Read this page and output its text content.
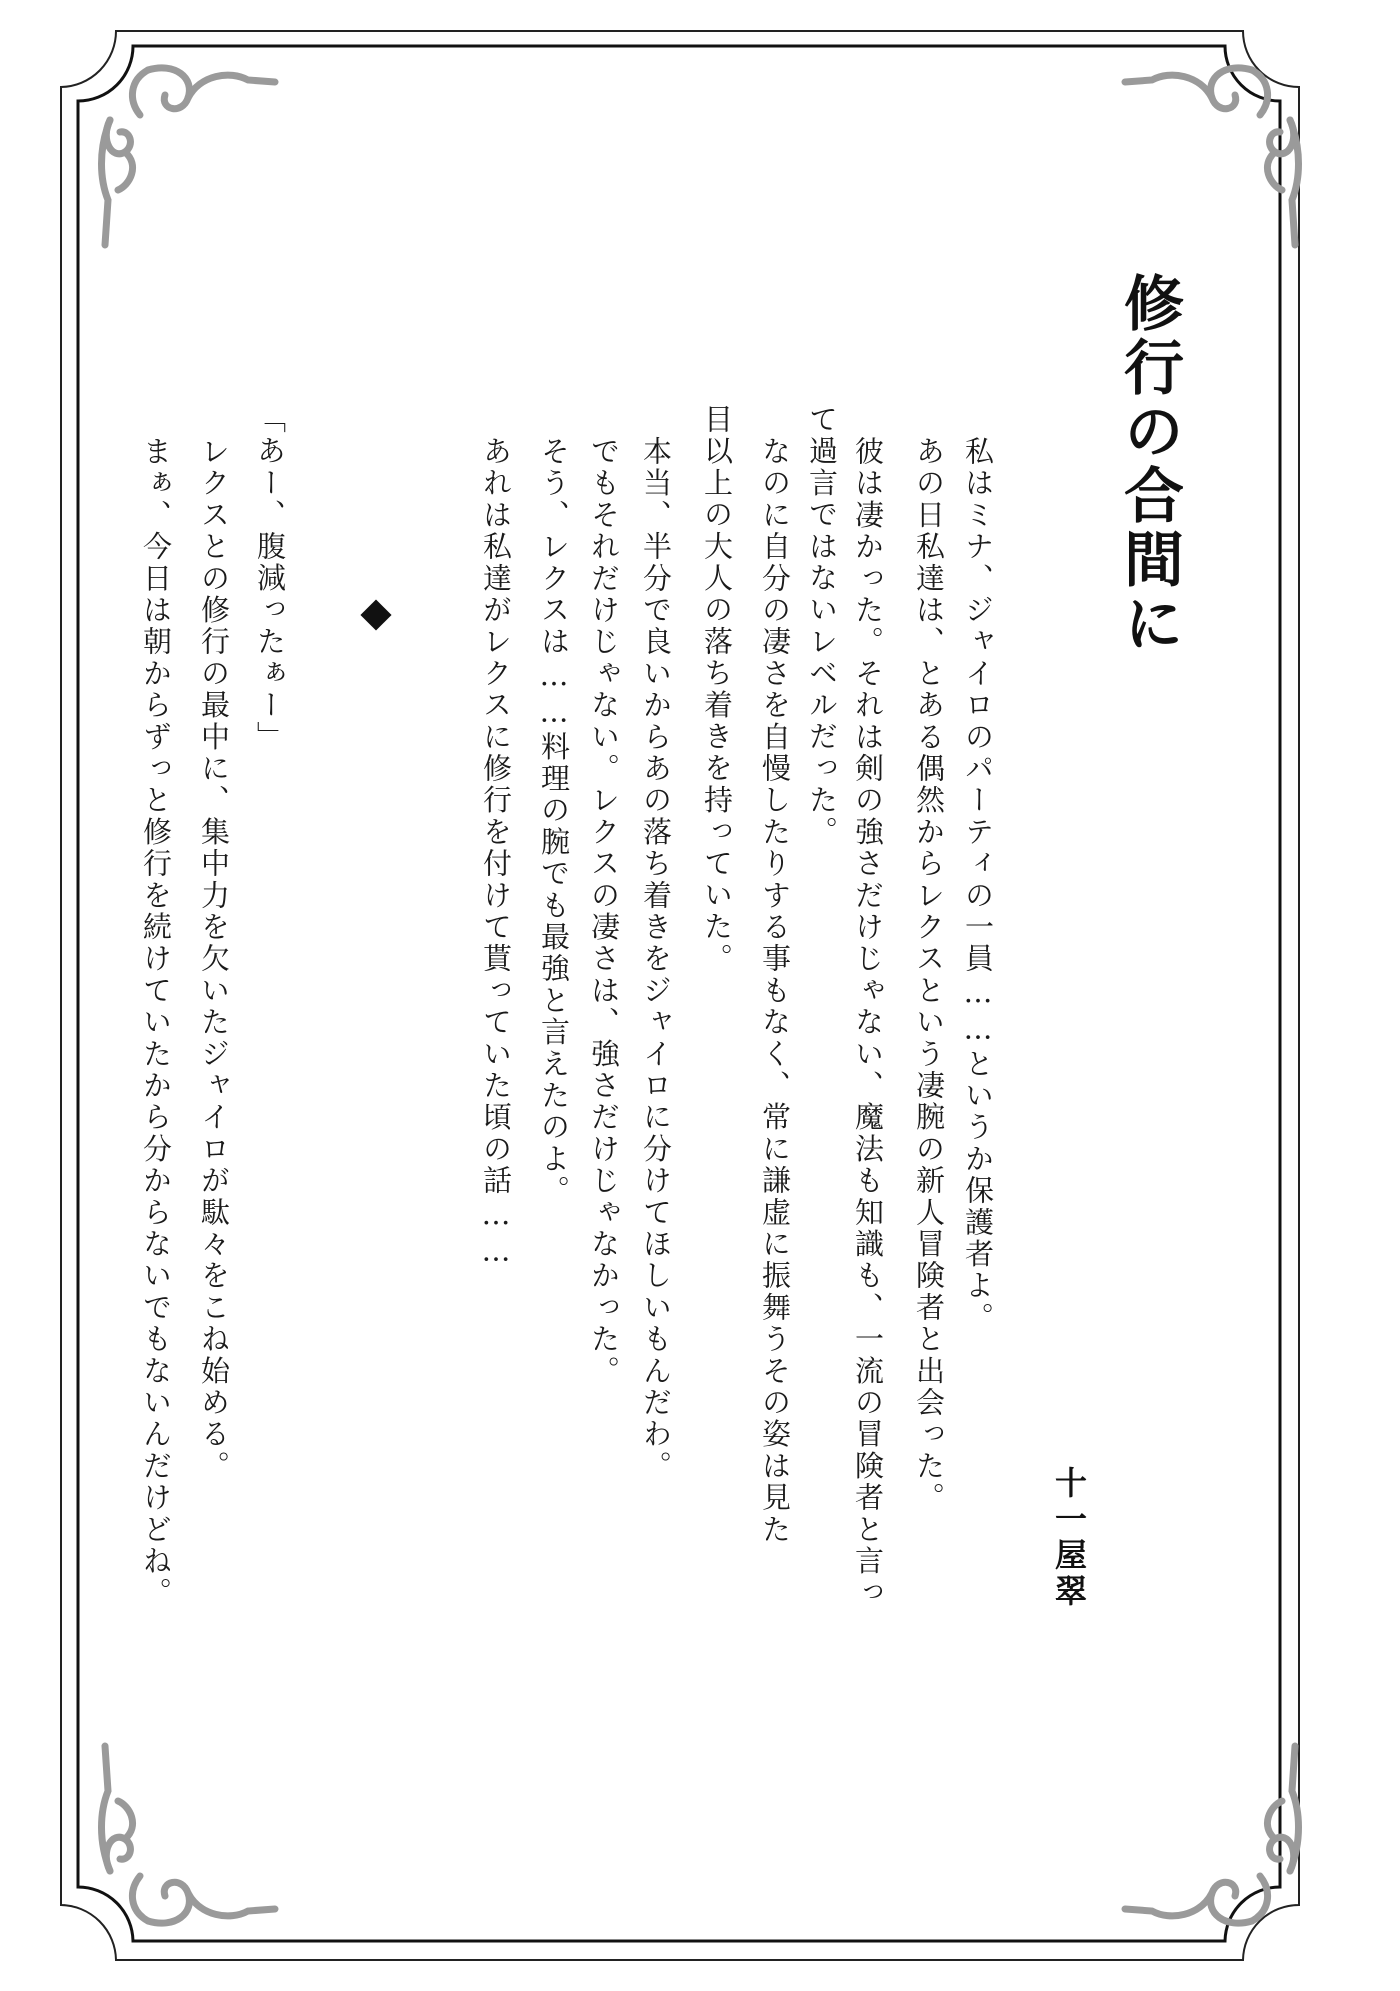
修行の合間に
十一屋翠
私はミナ、ジャイロのパーティの一員……というか保護者よ。
あの日私達は、とある偶然からレクスという凄腕の新人冒険者と出会った。
彼は凄かった。それは剣の強さだけじゃない、魔法も知識も、一流の冒険者と言っ
て過言ではないレベルだった。
なのに自分の凄さを自慢したりする事もなく、常に謙虚に振舞うその姿は見た
目以上の大人の落ち着きを持っていた。
本当、半分で良いからあの落ち着きをジャイロに分けてほしいもんだわ。
でもそれだけじゃない。レクスの凄さは、強さだけじゃなかった。
そう、レクスは……料理の腕でも最強と言えたのよ。
あれは私達がレクスに修行を付けて貰っていた頃の話……
「あー、腹減ったぁー」
レクスとの修行の最中に、集中力を欠いたジャイロが駄々をこね始める。
まぁ、今日は朝からずっと修行を続けていたから分からないでもないんだけどね。
